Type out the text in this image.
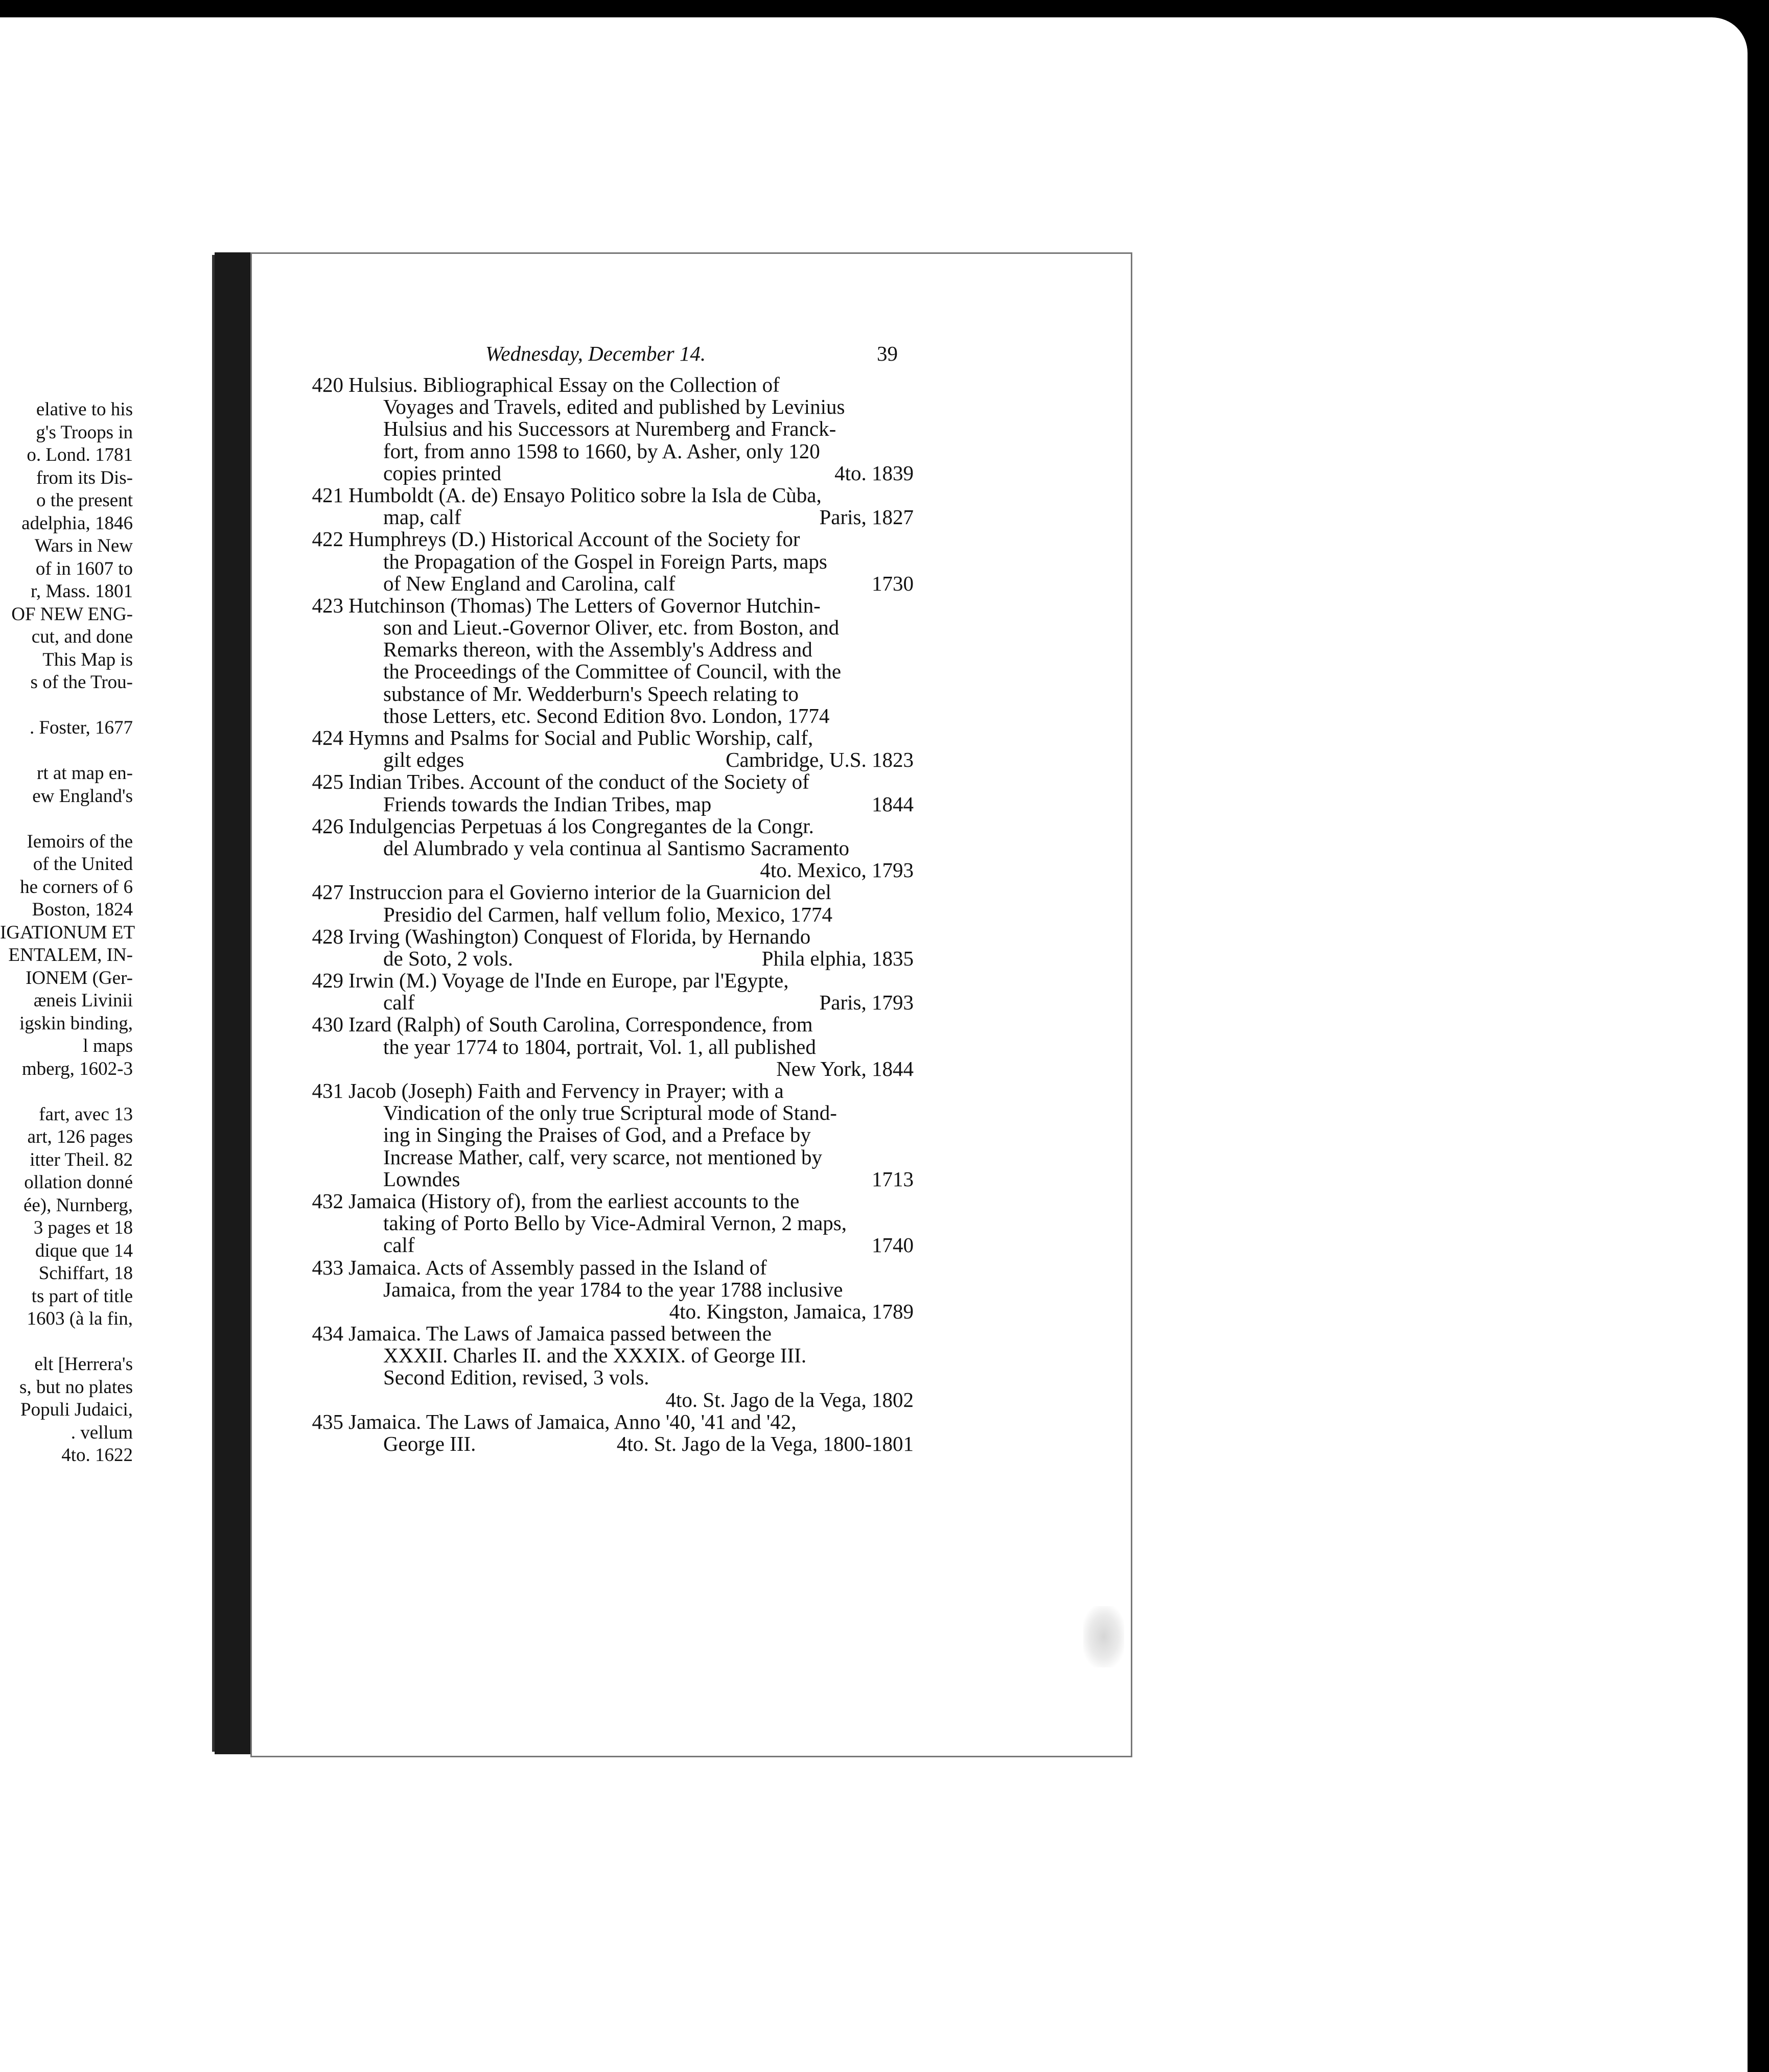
elative to his
g's Troops in
o. Lond. 1781
from its Dis-
o the present
adelphia, 1846
Wars in New
of in 1607 to
r, Mass. 1801
OF NEW ENG-
cut, and done
This Map is
s of the Trou-
. Foster, 1677
rt at map en-
ew England's
Iemoirs of the
of the United
he corners of 6
Boston, 1824
IGATIONUM ET
ENTALEM, IN-
IONEM (Ger-
æneis Livinii
igskin binding,
l maps
mberg, 1602-3
fart, avec 13
art, 126 pages
itter Theil. 82
ollation donné
ée), Nurnberg,
3 pages et 18
dique que 14
Schiffart, 18
ts part of title
1603 (à la fin,
elt [Herrera's
s, but no plates
Populi Judaici,
. vellum
4to. 1622
Wednesday, December 14.	39
420 Hulsius. Bibliographical Essay on the Collection of
Voyages and Travels, edited and published by Levinius
Hulsius and his Successors at Nuremberg and Franck-
fort, from anno 1598 to 1660, by A. Asher, only 120
copies printed	4to. 1839
421 Humboldt (A. de) Ensayo Politico sobre la Isla de Cùba,
map, calf	Paris, 1827
422 Humphreys (D.) Historical Account of the Society for
the Propagation of the Gospel in Foreign Parts, maps
of New England and Carolina, calf	1730
423 Hutchinson (Thomas) The Letters of Governor Hutchin-
son and Lieut.-Governor Oliver, etc. from Boston, and
Remarks thereon, with the Assembly's Address and
the Proceedings of the Committee of Council, with the
substance of Mr. Wedderburn's Speech relating to
those Letters, etc. Second Edition 8vo. London, 1774
424 Hymns and Psalms for Social and Public Worship, calf,
gilt edges	Cambridge, U.S. 1823
425 Indian Tribes. Account of the conduct of the Society of
Friends towards the Indian Tribes, map	1844
426 Indulgencias Perpetuas á los Congregantes de la Congr.
del Alumbrado y vela continua al Santismo Sacramento
4to. Mexico, 1793
427 Instruccion para el Govierno interior de la Guarnicion del
Presidio del Carmen, half vellum folio, Mexico, 1774
428 Irving (Washington) Conquest of Florida, by Hernando
de Soto, 2 vols.	Phila elphia, 1835
429 Irwin (M.) Voyage de l'Inde en Europe, par l'Egypte,
calf	Paris, 1793
430 Izard (Ralph) of South Carolina, Correspondence, from
the year 1774 to 1804, portrait, Vol. 1, all published
New York, 1844
431 Jacob (Joseph) Faith and Fervency in Prayer; with a
Vindication of the only true Scriptural mode of Stand-
ing in Singing the Praises of God, and a Preface by
Increase Mather, calf, very scarce, not mentioned by
Lowndes	1713
432 Jamaica (History of), from the earliest accounts to the
taking of Porto Bello by Vice-Admiral Vernon, 2 maps,
calf	1740
433 Jamaica. Acts of Assembly passed in the Island of
Jamaica, from the year 1784 to the year 1788 inclusive
4to. Kingston, Jamaica, 1789
434 Jamaica. The Laws of Jamaica passed between the
XXXII. Charles II. and the XXXIX. of George III.
Second Edition, revised, 3 vols.
4to. St. Jago de la Vega, 1802
435 Jamaica. The Laws of Jamaica, Anno '40, '41 and '42,
George III.	4to. St. Jago de la Vega, 1800-1801
